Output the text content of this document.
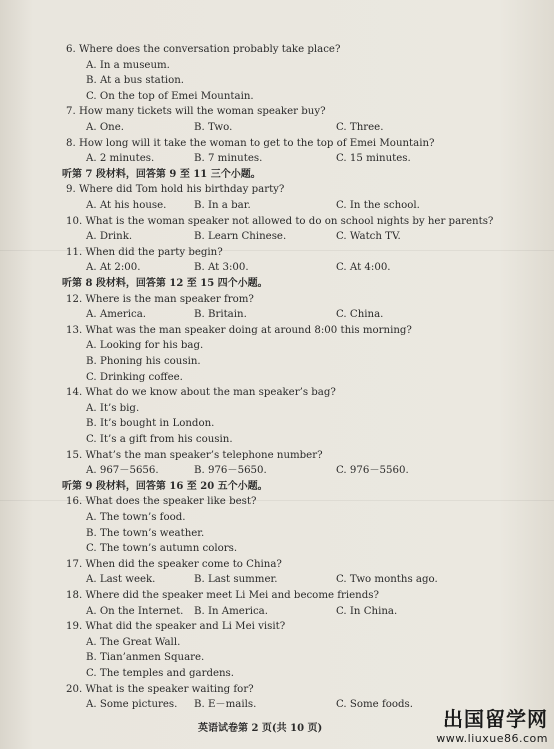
6. Where does the conversation probably take place?
A. In a museum.
B. At a bus station.
C. On the top of Emei Mountain.
7. How many tickets will the woman speaker buy?
A. One.	B. Two.	C. Three.
8. How long will it take the woman to get to the top of Emei Mountain?
A. 2 minutes.	B. 7 minutes.	C. 15 minutes.
听第 7 段材料，回答第 9 至 11 三个小题。
9. Where did Tom hold his birthday party?
A. At his house.	B. In a bar.	C. In the school.
10. What is the woman speaker not allowed to do on school nights by her parents?
A. Drink.	B. Learn Chinese.	C. Watch TV.
11. When did the party begin?
A. At 2:00.	B. At 3:00.	C. At 4:00.
听第 8 段材料，回答第 12 至 15 四个小题。
12. Where is the man speaker from?
A. America.	B. Britain.	C. China.
13. What was the man speaker doing at around 8:00 this morning?
A. Looking for his bag.
B. Phoning his cousin.
C. Drinking coffee.
14. What do we know about the man speaker’s bag?
A. It’s big.
B. It’s bought in London.
C. It’s a gift from his cousin.
15. What’s the man speaker’s telephone number?
A. 967－5656.	B. 976－5650.	C. 976－5560.
听第 9 段材料，回答第 16 至 20 五个小题。
16. What does the speaker like best?
A. The town’s food.
B. The town’s weather.
C. The town’s autumn colors.
17. When did the speaker come to China?
A. Last week.	B. Last summer.	C. Two months ago.
18. Where did the speaker meet Li Mei and become friends?
A. On the Internet. B. In America.	C. In China.
19. What did the speaker and Li Mei visit?
A. The Great Wall.
B. Tian’anmen Square.
C. The temples and gardens.
20. What is the speaker waiting for?
A. Some pictures. B. E－mails.	C. Some foods.
英语试卷第 2 页(共 10 页)	出国留学网
www.liuxue86.com
